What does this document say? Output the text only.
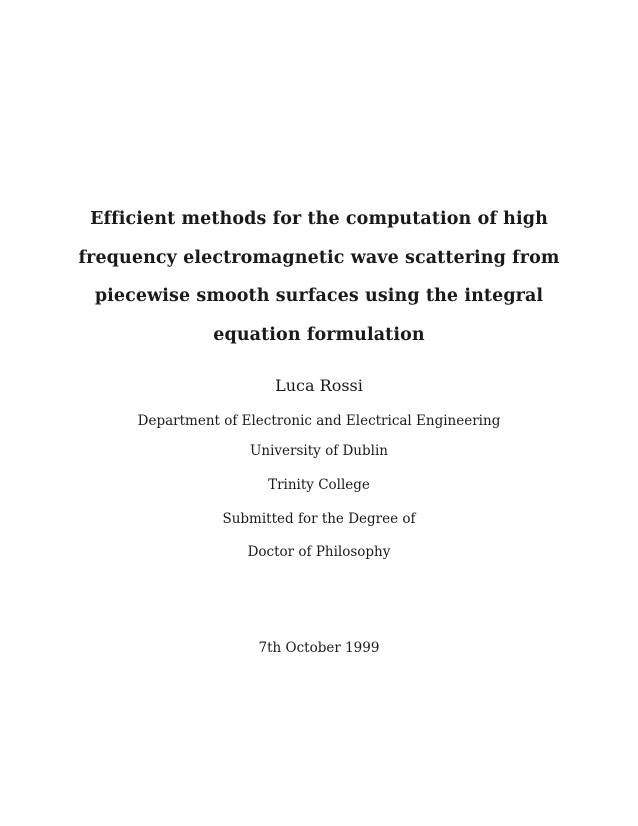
Efficient methods for the computation of high
frequency electromagnetic wave scattering from
piecewise smooth surfaces using the integral
equation formulation
Luca Rossi
Department of Electronic and Electrical Engineering
University of Dublin
Trinity College
Submitted for the Degree of
Doctor of Philosophy
7th October 1999
